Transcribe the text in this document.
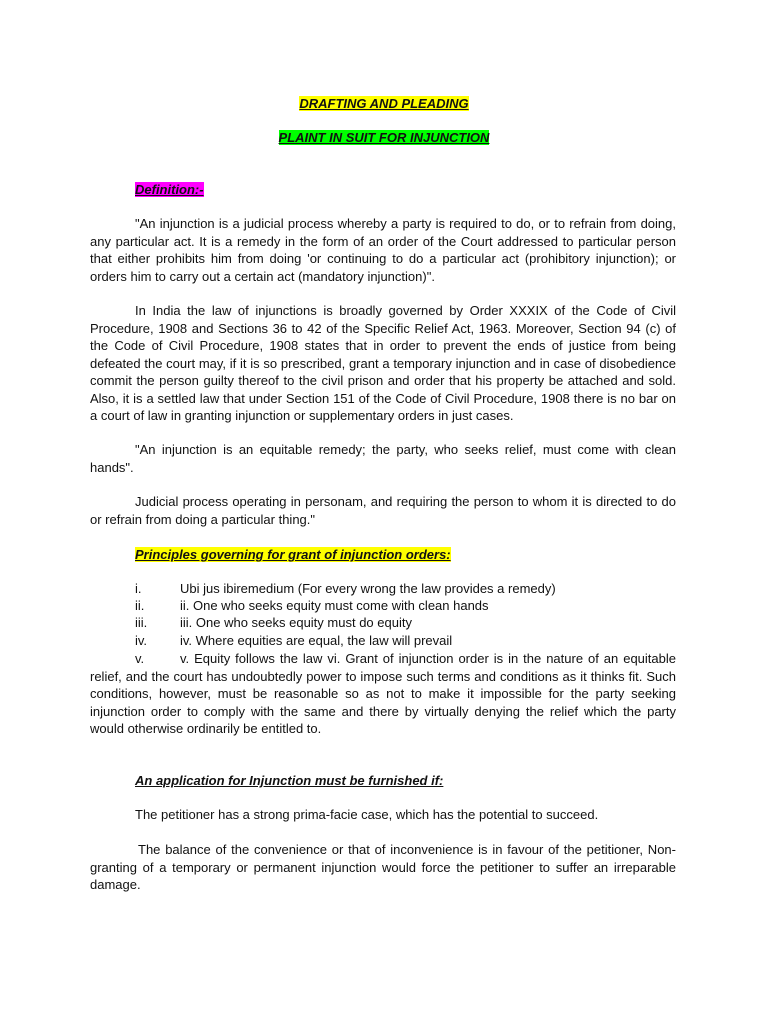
DRAFTING AND PLEADING
PLAINT IN SUIT FOR INJUNCTION
Definition:-
"An injunction is a judicial process whereby a party is required to do, or to refrain from doing, any particular act. It is a remedy in the form of an order of the Court addressed to particular person that either prohibits him from doing 'or continuing to do a particular act (prohibitory injunction); or orders him to carry out a certain act (mandatory injunction)".
In India the law of injunctions is broadly governed by Order XXXIX of the Code of Civil Procedure, 1908 and Sections 36 to 42 of the Specific Relief Act, 1963. Moreover, Section 94 (c) of the Code of Civil Procedure, 1908 states that in order to prevent the ends of justice from being defeated the court may, if it is so prescribed, grant a temporary injunction and in case of disobedience commit the person guilty thereof to the civil prison and order that his property be attached and sold. Also, it is a settled law that under Section 151 of the Code of Civil Procedure, 1908 there is no bar on a court of law in granting injunction or supplementary orders in just cases.
"An injunction is an equitable remedy; the party, who seeks relief, must come with clean hands".
Judicial process operating in personam, and requiring the person to whom it is directed to do or refrain from doing a particular thing."
Principles governing for grant of injunction orders:
i.	Ubi jus ibiremedium (For every wrong the law provides a remedy)
ii.	ii. One who seeks equity must come with clean hands
iii.	iii. One who seeks equity must do equity
iv.	iv. Where equities are equal, the law will prevail
v.	v. Equity follows the law vi. Grant of injunction order is in the nature of an equitable relief, and the court has undoubtedly power to impose such terms and conditions as it thinks fit. Such conditions, however, must be reasonable so as not to make it impossible for the party seeking injunction order to comply with the same and there by virtually denying the relief which the party would otherwise ordinarily be entitled to.
An application for Injunction must be furnished if:
The petitioner has a strong prima-facie case, which has the potential to succeed.
The balance of the convenience or that of inconvenience is in favour of the petitioner, Non-granting of a temporary or permanent injunction would force the petitioner to suffer an irreparable damage.
